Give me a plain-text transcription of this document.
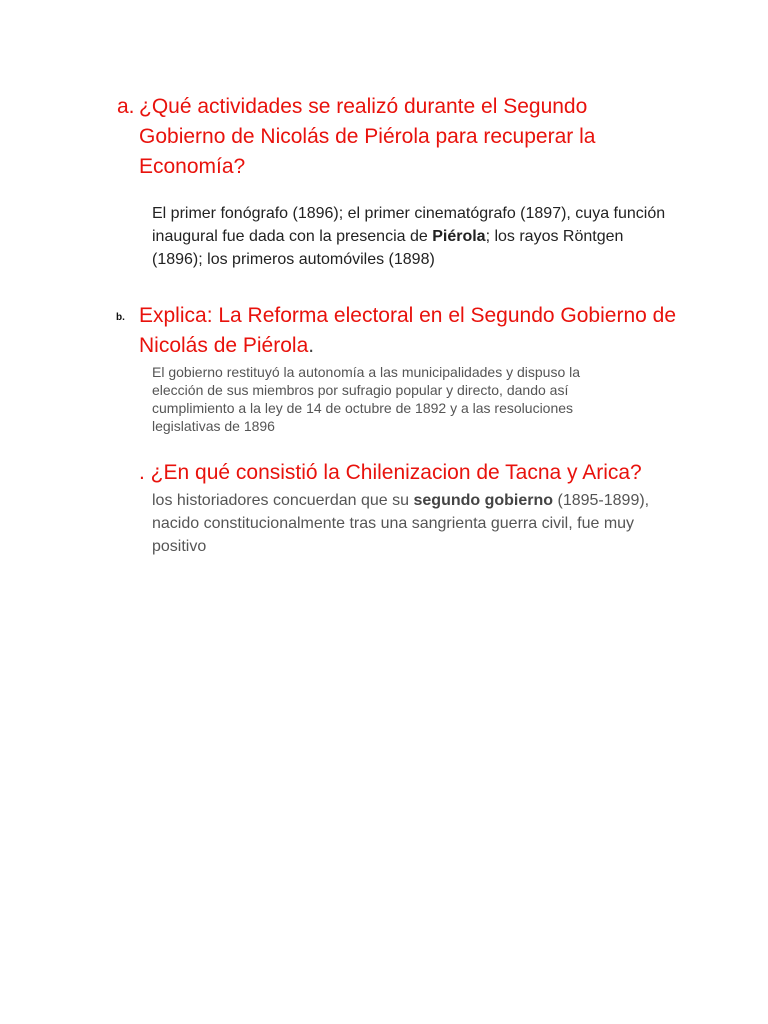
a. ¿Qué actividades se realizó durante el Segundo Gobierno de Nicolás de Piérola para recuperar la Economía?
El primer fonógrafo (1896); el primer cinematógrafo (1897), cuya función inaugural fue dada con la presencia de Piérola; los rayos Röntgen (1896); los primeros automóviles (1898)
b. Explica: La Reforma electoral en el Segundo Gobierno de Nicolás de Piérola.
El gobierno restituyó la autonomía a las municipalidades y dispuso la elección de sus miembros por sufragio popular y directo, dando así cumplimiento a la ley de 14 de octubre de 1892 y a las resoluciones legislativas de 1896
. ¿En qué consistió la Chilenizacion de Tacna y Arica?
los historiadores concuerdan que su segundo gobierno (1895-1899), nacido constitucionalmente tras una sangrienta guerra civil, fue muy positivo
